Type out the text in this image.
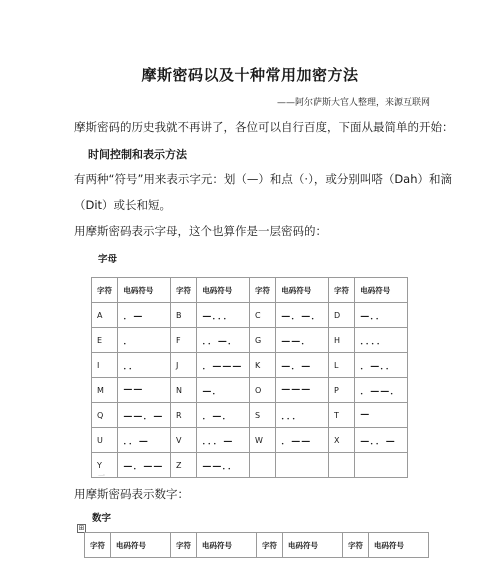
摩斯密码以及十种常用加密方法
——阿尔萨斯大官人整理，来源互联网
摩斯密码的历史我就不再讲了，各位可以自行百度，下面从最简单的开始：
时间控制和表示方法
有两种“符号”用来表示字元：划（—）和点（·），或分别叫嗒（Dah）和滴
（Dit）或长和短。
用摩斯密码表示字母，这个也算作是一层密码的：
字母
字符	电码符号	字符	电码符号	字符	电码符号	字符	电码符号
A	．—	B	—．．．	C	—．—．	D	—．．
E	．	F	．．—．	G	——．	H	．．．．
I	．．	J	．———	K	—．—	L	．—．．
M	——	N	—．	O	———	P	．——．
Q	——．—	R	．—．	S	．．．	T	—
U	．．—	V	．．．—	W	．——	X	—．．—
Y	—．——	Z	——．．				
一
用摩斯密码表示数字：
数字
⊞
字符	电码符号	字符	电码符号	字符	电码符号	字符	电码符号
